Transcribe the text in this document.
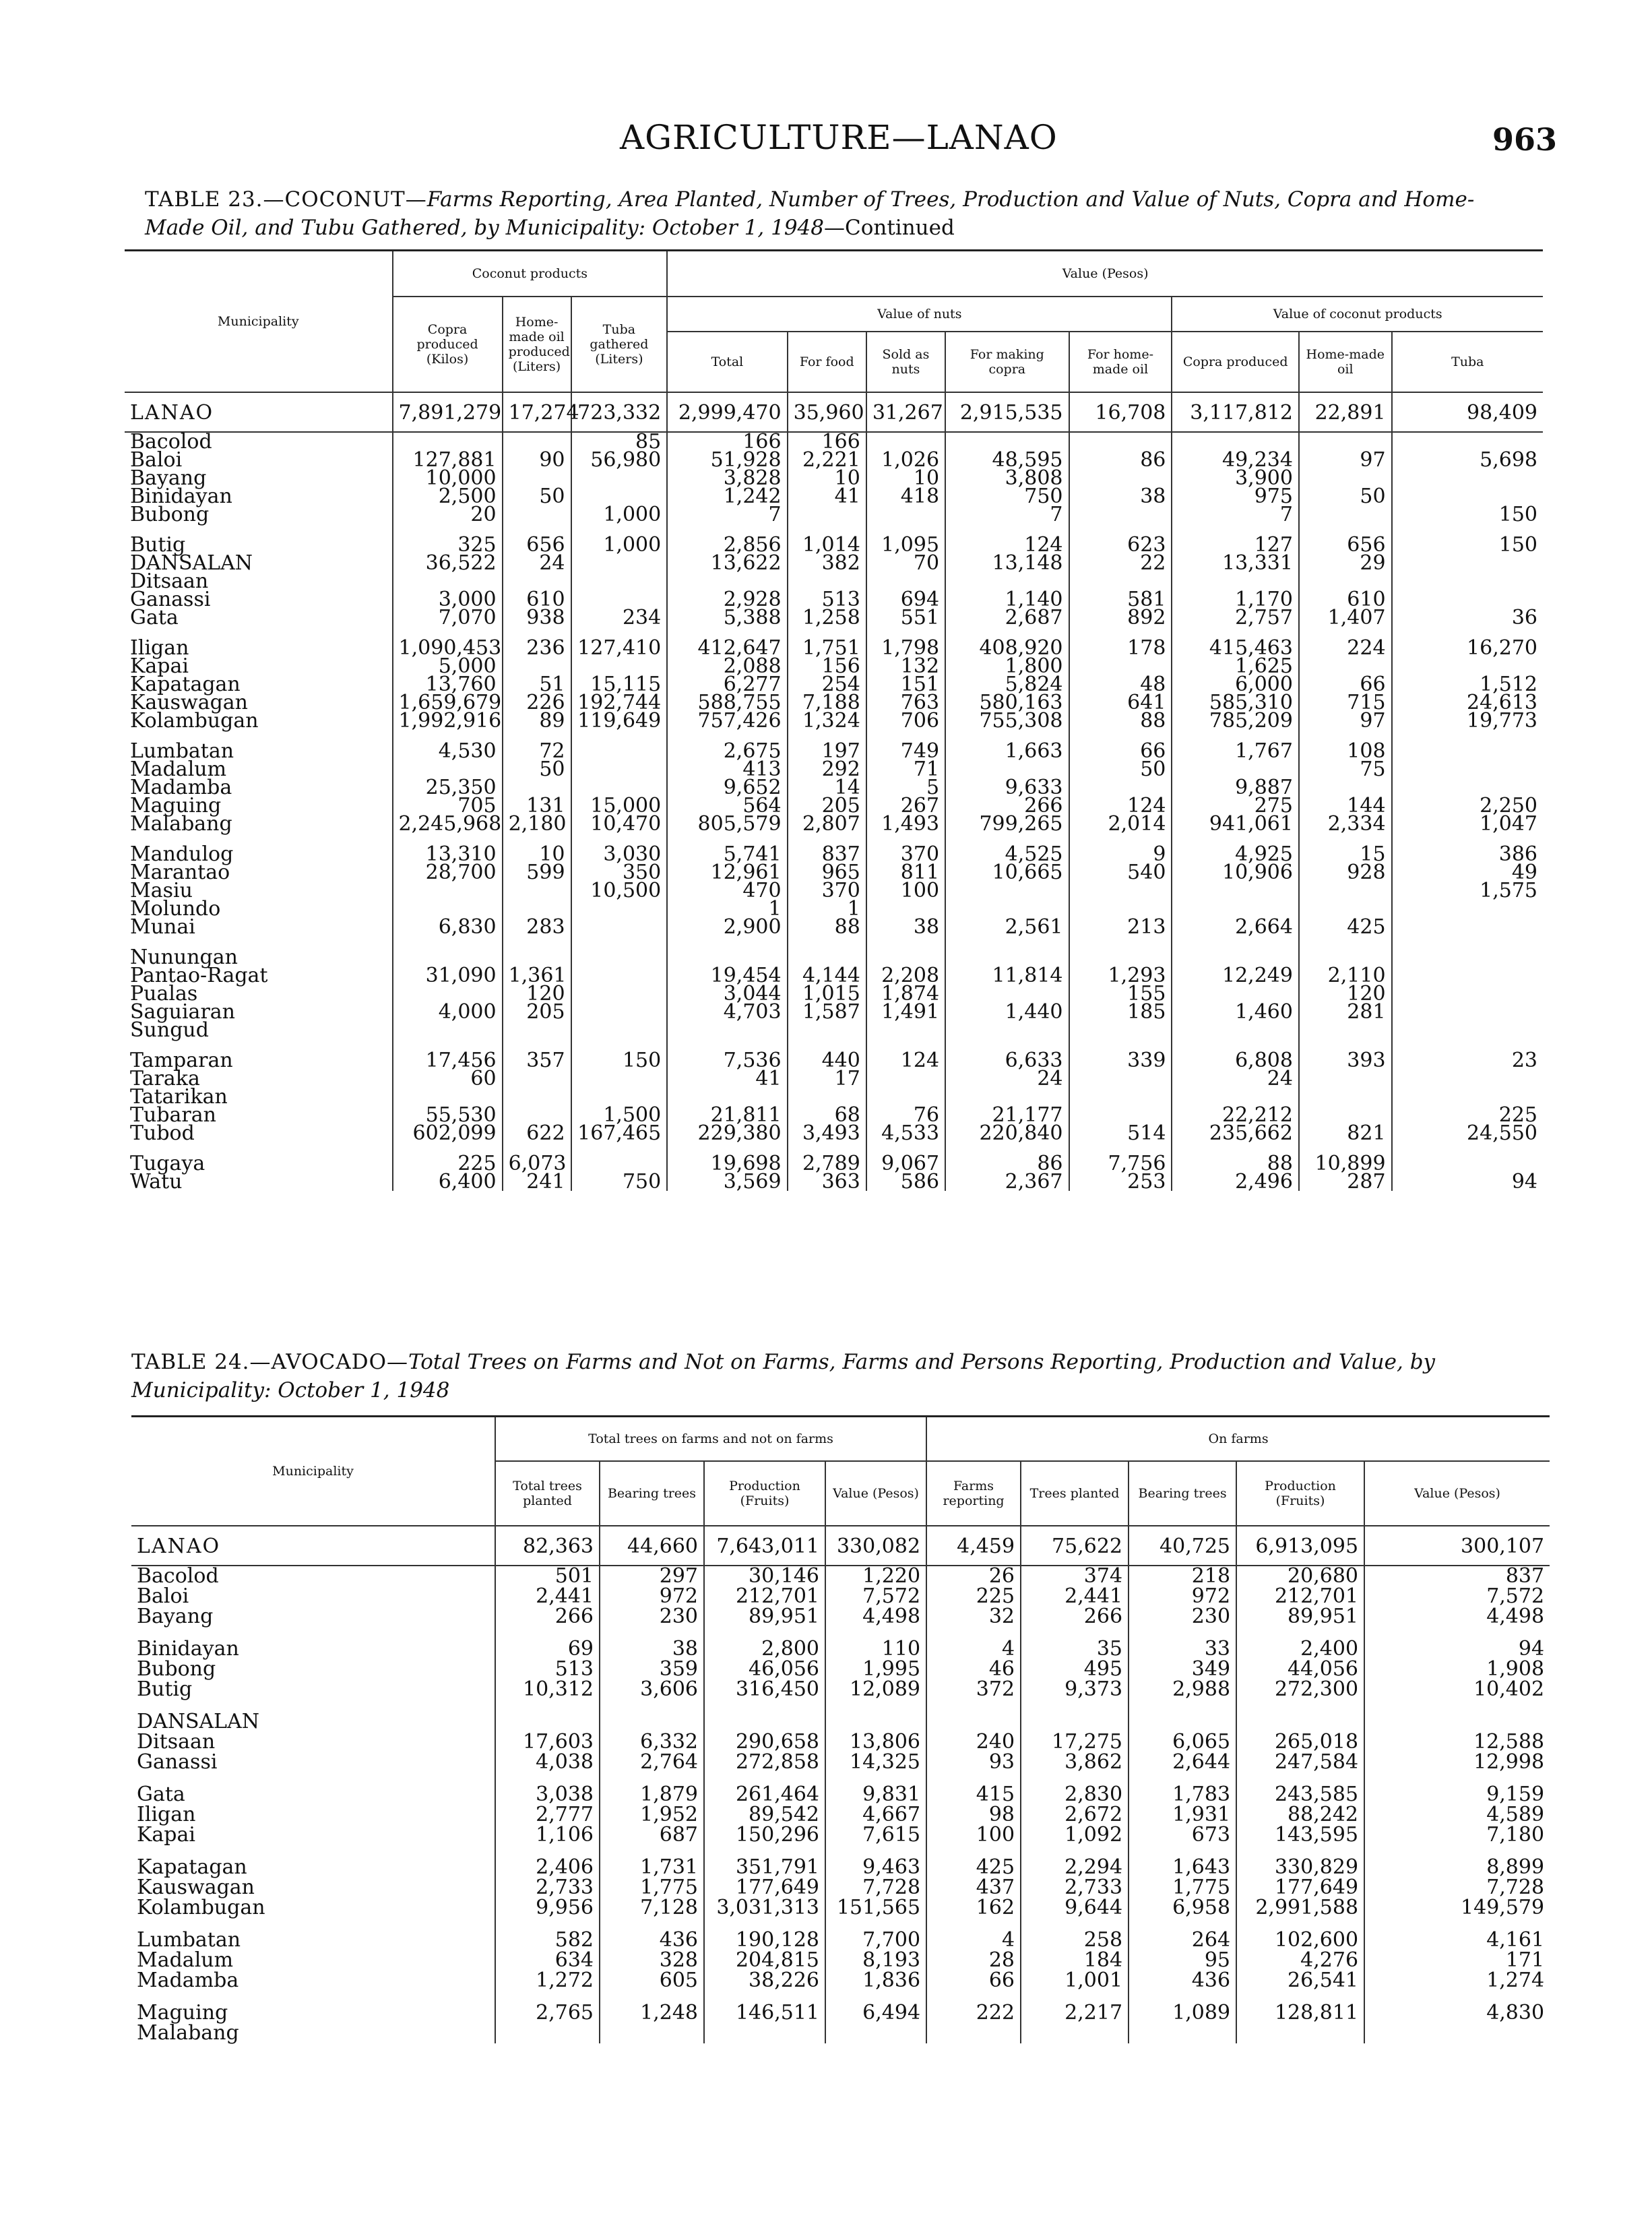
AGRICULTURE—LANAO	963
TABLE 23.—COCONUT—Farms Reporting, Area Planted, Number of Trees, Production and Value of Nuts, Copra and Home-Made Oil, and Tubu Gathered, by Municipality: October 1, 1948—Continued
Municipality	Coconut products			Value (Pesos)							
	Copra produced (Kilos)	Home-made oil produced (Liters)	Tuba gathered (Liters)	Value of nuts					Value of coconut products		
				Total	For food	Sold as nuts	For making copra	For home-made oil	Copra produced	Home-made oil	Tuba
LANAO	7,891,279	17,274	723,332	2,999,470	35,960	31,267	2,915,535	16,708	3,117,812	22,891	98,409
Bacolod			85	166	166						
Baloi	127,881	90	56,980	51,928	2,221	1,026	48,595	86	49,234	97	5,698
Bayang	10,000			3,828	10	10	3,808		3,900		
Binidayan	2,500	50		1,242	41	418	750	38	975	50	
Bubong	20		1,000	7			7		7		150

Butig	325	656	1,000	2,856	1,014	1,095	124	623	127	656	150
DANSALAN	36,522	24		13,622	382	70	13,148	22	13,331	29	
Ditsaan											
Ganassi	3,000	610		2,928	513	694	1,140	581	1,170	610	
Gata	7,070	938	234	5,388	1,258	551	2,687	892	2,757	1,407	36

Iligan	1,090,453	236	127,410	412,647	1,751	1,798	408,920	178	415,463	224	16,270
Kapai	5,000			2,088	156	132	1,800		1,625		
Kapatagan	13,760	51	15,115	6,277	254	151	5,824	48	6,000	66	1,512
Kauswagan	1,659,679	226	192,744	588,755	7,188	763	580,163	641	585,310	715	24,613
Kolambugan	1,992,916	89	119,649	757,426	1,324	706	755,308	88	785,209	97	19,773

Lumbatan	4,530	72		2,675	197	749	1,663	66	1,767	108	
Madalum		50		413	292	71		50		75	
Madamba	25,350			9,652	14	5	9,633		9,887		
Maguing	705	131	15,000	564	205	267	266	124	275	144	2,250
Malabang	2,245,968	2,180	10,470	805,579	2,807	1,493	799,265	2,014	941,061	2,334	1,047

Mandulog	13,310	10	3,030	5,741	837	370	4,525	9	4,925	15	386
Marantao	28,700	599	350	12,961	965	811	10,665	540	10,906	928	49
Masiu			10,500	470	370	100					1,575
Molundo				1	1						
Munai	6,830	283		2,900	88	38	2,561	213	2,664	425	

Nunungan											
Pantao-Ragat	31,090	1,361		19,454	4,144	2,208	11,814	1,293	12,249	2,110	
Pualas		120		3,044	1,015	1,874		155		120	
Saguiaran	4,000	205		4,703	1,587	1,491	1,440	185	1,460	281	
Sungud											

Tamparan	17,456	357	150	7,536	440	124	6,633	339	6,808	393	23
Taraka	60			41	17		24		24		
Tatarikan											
Tubaran	55,530		1,500	21,811	68	76	21,177		22,212		225
Tubod	602,099	622	167,465	229,380	3,493	4,533	220,840	514	235,662	821	24,550

Tugaya	225	6,073		19,698	2,789	9,067	86	7,756	88	10,899	
Watu	6,400	241	750	3,569	363	586	2,367	253	2,496	287	94
TABLE 24.—AVOCADO—Total Trees on Farms and Not on Farms, Farms and Persons Reporting, Production and Value, by Municipality: October 1, 1948
Municipality	Total trees on farms and not on farms				On farms				
	Total trees planted	Bearing trees	Production (Fruits)	Value (Pesos)	Farms reporting	Trees planted	Bearing trees	Production (Fruits)	Value (Pesos)
LANAO	82,363	44,660	7,643,011	330,082	4,459	75,622	40,725	6,913,095	300,107
Bacolod	501	297	30,146	1,220	26	374	218	20,680	837
Baloi	2,441	972	212,701	7,572	225	2,441	972	212,701	7,572
Bayang	266	230	89,951	4,498	32	266	230	89,951	4,498

Binidayan	69	38	2,800	110	4	35	33	2,400	94
Bubong	513	359	46,056	1,995	46	495	349	44,056	1,908
Butig	10,312	3,606	316,450	12,089	372	9,373	2,988	272,300	10,402

DANSALAN									
Ditsaan	17,603	6,332	290,658	13,806	240	17,275	6,065	265,018	12,588
Ganassi	4,038	2,764	272,858	14,325	93	3,862	2,644	247,584	12,998

Gata	3,038	1,879	261,464	9,831	415	2,830	1,783	243,585	9,159
Iligan	2,777	1,952	89,542	4,667	98	2,672	1,931	88,242	4,589
Kapai	1,106	687	150,296	7,615	100	1,092	673	143,595	7,180

Kapatagan	2,406	1,731	351,791	9,463	425	2,294	1,643	330,829	8,899
Kauswagan	2,733	1,775	177,649	7,728	437	2,733	1,775	177,649	7,728
Kolambugan	9,956	7,128	3,031,313	151,565	162	9,644	6,958	2,991,588	149,579

Lumbatan	582	436	190,128	7,700	4	258	264	102,600	4,161
Madalum	634	328	204,815	8,193	28	184	95	4,276	171
Madamba	1,272	605	38,226	1,836	66	1,001	436	26,541	1,274

Maguing	2,765	1,248	146,511	6,494	222	2,217	1,089	128,811	4,830
Malabang									
